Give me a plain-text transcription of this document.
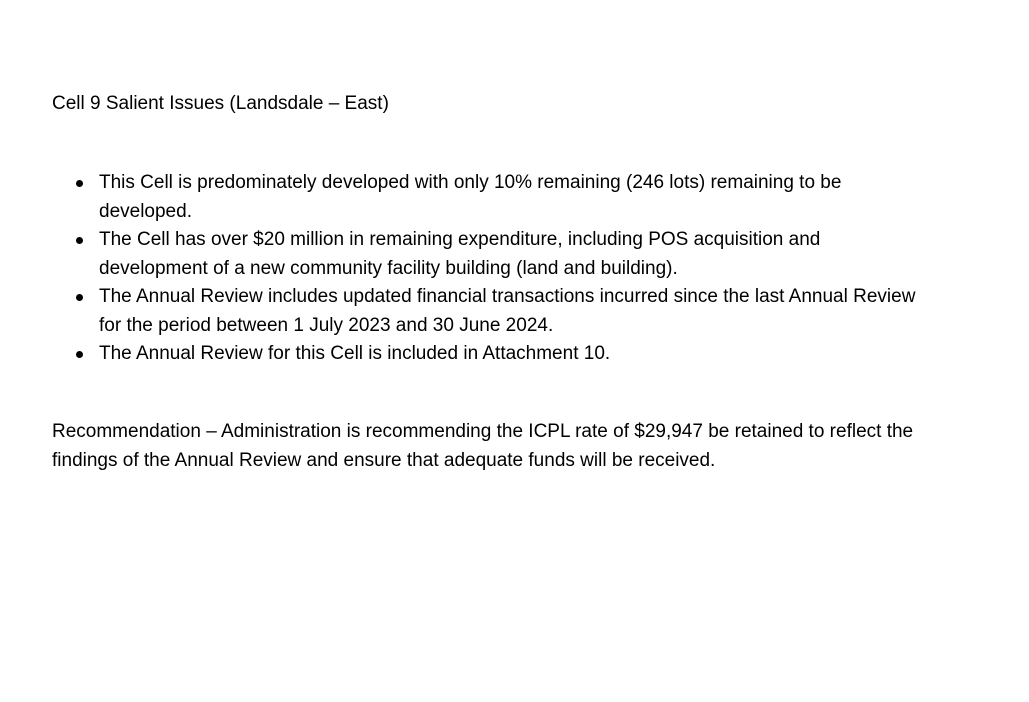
Cell 9 Salient Issues (Landsdale – East)

This Cell is predominately developed with only 10% remaining (246 lots) remaining to be developed.
The Cell has over $20 million in remaining expenditure, including POS acquisition and development of a new community facility building (land and building).
The Annual Review includes updated financial transactions incurred since the last Annual Review for the period between 1 July 2023 and 30 June 2024.
The Annual Review for this Cell is included in Attachment 10.

Recommendation – Administration is recommending the ICPL rate of $29,947 be retained to reflect the findings of the Annual Review and ensure that adequate funds will be received.
